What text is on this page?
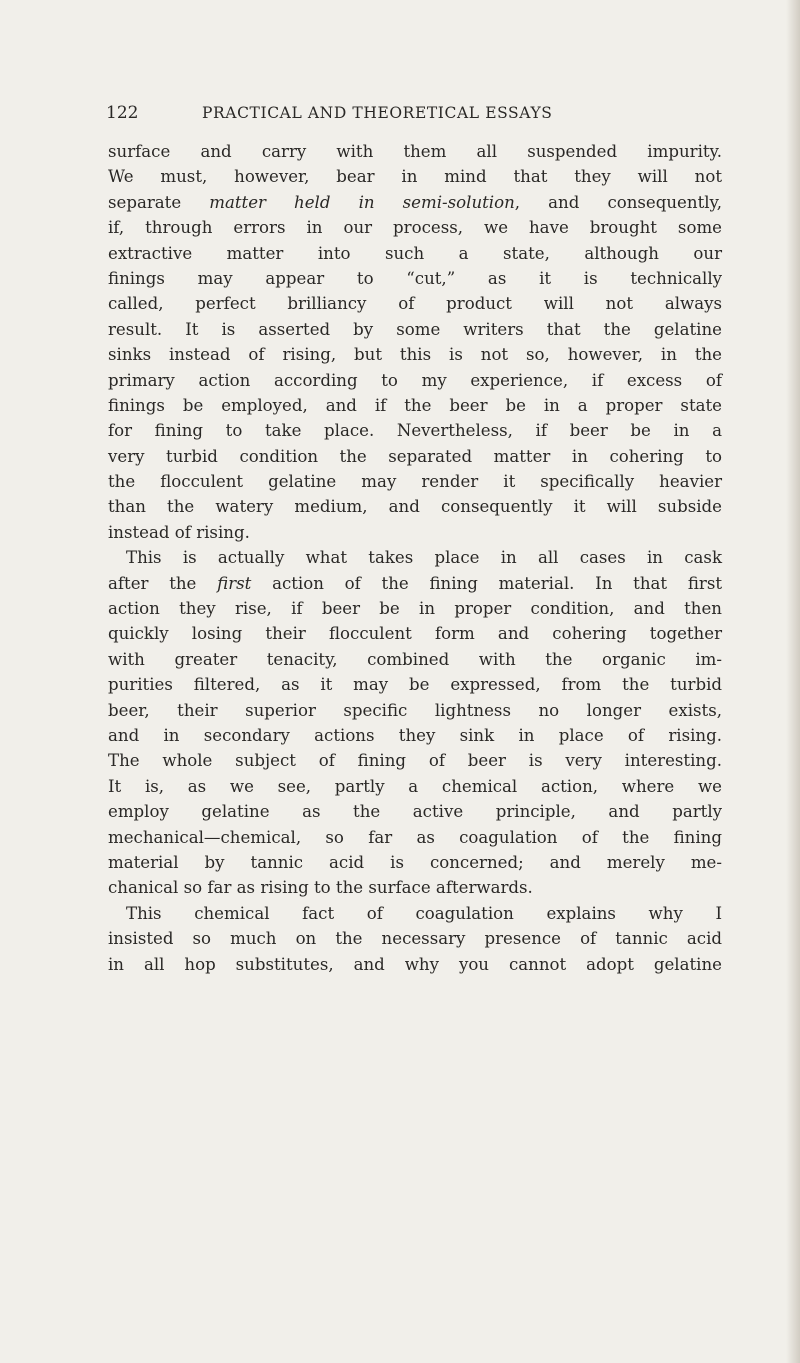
122	PRACTICAL AND THEORETICAL ESSAYS
surface and carry with them all suspended impurity.
We must, however, bear in mind that they will not
separate matter held in semi-solution, and consequently,
if, through errors in our process, we have brought some
extractive matter into such a state, although our
finings may appear to “cut,” as it is technically
called, perfect brilliancy of product will not always
result. It is asserted by some writers that the gelatine
sinks instead of rising, but this is not so, however, in the
primary action according to my experience, if excess of
finings be employed, and if the beer be in a proper state
for fining to take place. Nevertheless, if beer be in a
very turbid condition the separated matter in cohering to
the flocculent gelatine may render it specifically heavier
than the watery medium, and consequently it will subside
instead of rising.
This is actually what takes place in all cases in cask
after the first action of the fining material. In that first
action they rise, if beer be in proper condition, and then
quickly losing their flocculent form and cohering together
with greater tenacity, combined with the organic im-
purities filtered, as it may be expressed, from the turbid
beer, their superior specific lightness no longer exists,
and in secondary actions they sink in place of rising.
The whole subject of fining of beer is very interesting.
It is, as we see, partly a chemical action, where we
employ gelatine as the active principle, and partly
mechanical—chemical, so far as coagulation of the fining
material by tannic acid is concerned; and merely me-
chanical so far as rising to the surface afterwards.
This chemical fact of coagulation explains why I
insisted so much on the necessary presence of tannic acid
in all hop substitutes, and why you cannot adopt gelatine
